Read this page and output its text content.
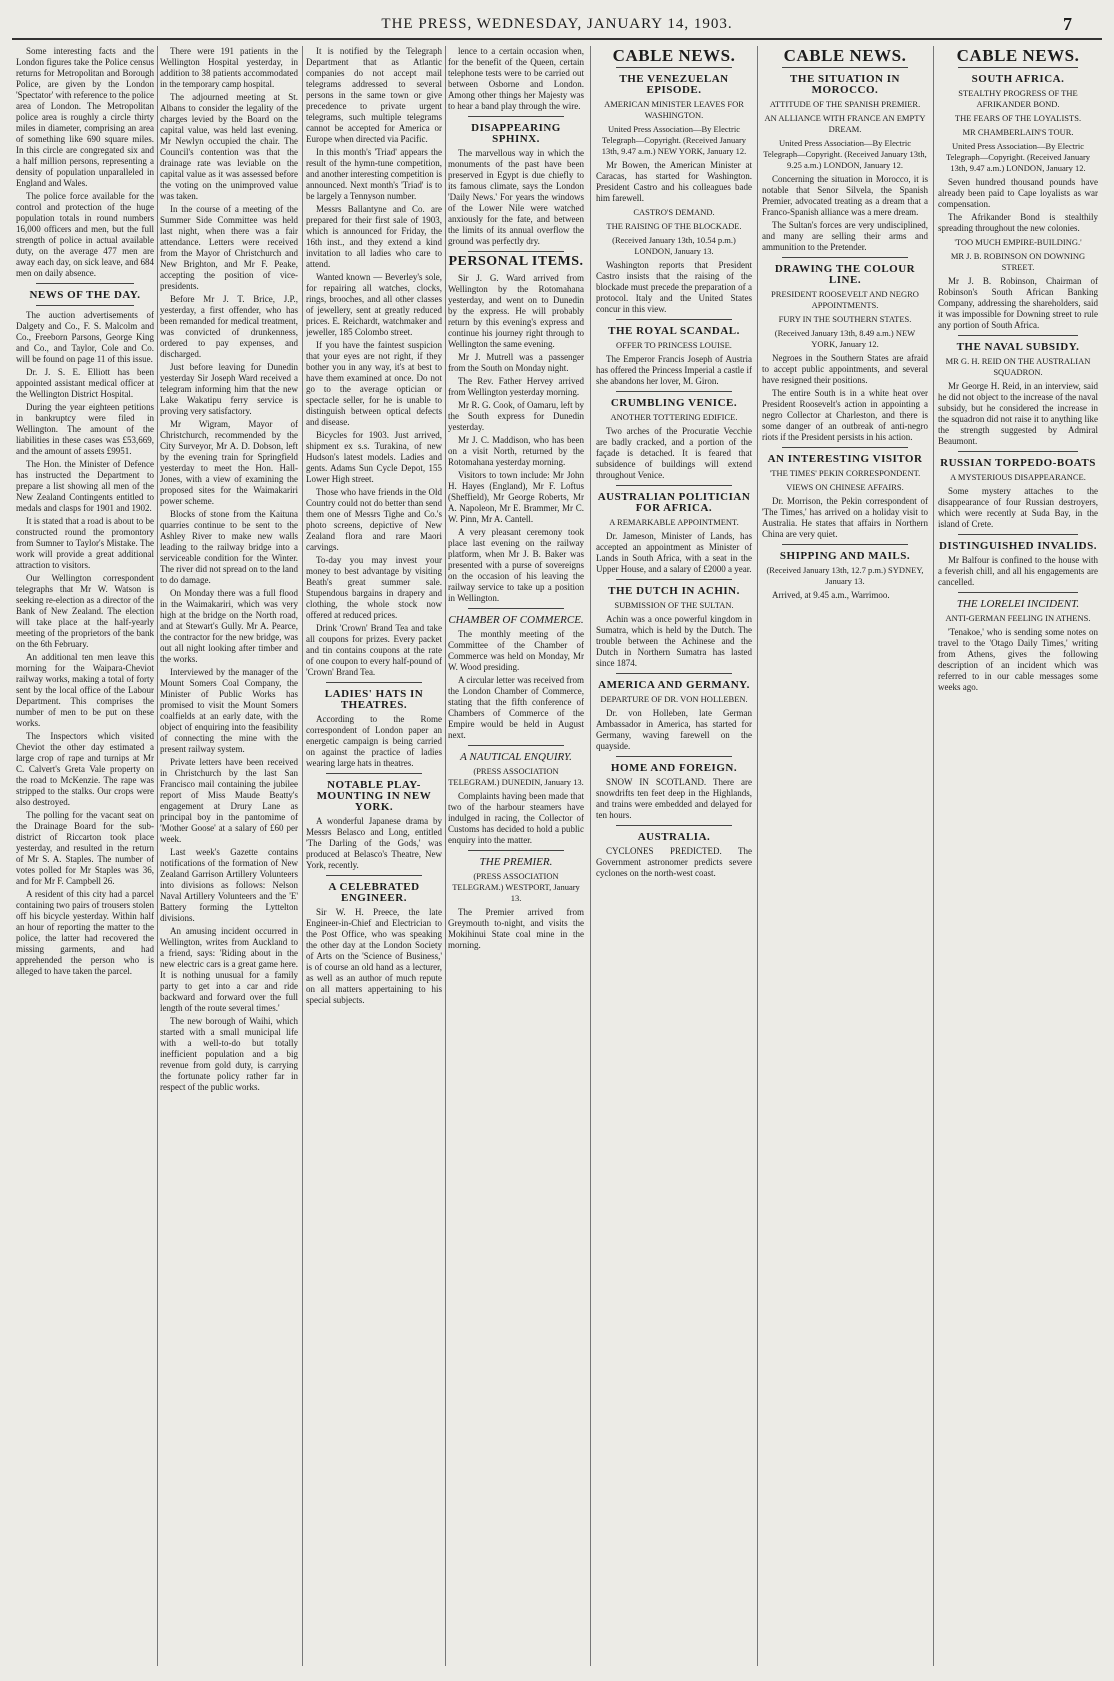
THE PRESS, WEDNESDAY, JANUARY 14, 1903.	7

Some interesting facts and the London figures take the Police census returns for Metropolitan and Borough Police, are given by the London 'Spectator' with reference to the police area of London. The Metropolitan police area is roughly a circle thirty miles in diameter, comprising an area of something like 690 square miles. In this circle are congregated six and a half million persons, representing a density of population unparalleled in England and Wales.

The police force available for the control and protection of the huge population totals in round numbers 16,000 officers and men, but the full strength of police in actual available duty, on the average 477 men are away each day, on sick leave, and 684 men on daily absence.

NEWS OF THE DAY.

The auction advertisements of Dalgety and Co., F. S. Malcolm and Co., Freeborn Parsons, George King and Co., and Taylor, Cole and Co. will be found on page 11 of this issue.

Dr. J. S. E. Elliott has been appointed assistant medical officer at the Wellington District Hospital.

During the year eighteen petitions in bankruptcy were filed in Wellington. The amount of the liabilities in these cases was £53,669, and the amount of assets £9951.

The Hon. the Minister of Defence has instructed the Department to prepare a list showing all men of the New Zealand Contingents entitled to medals and clasps for 1901 and 1902.

It is stated that a road is about to be constructed round the promontory from Sumner to Taylor's Mistake. The work will provide a great additional attraction to visitors.

Our Wellington correspondent telegraphs that Mr W. Watson is seeking re-election as a director of the Bank of New Zealand. The election will take place at the half-yearly meeting of the proprietors of the bank on the 6th February.

An additional ten men leave this morning for the Waipara-Cheviot railway works, making a total of forty sent by the local office of the Labour Department. This comprises the number of men to be put on these works.

The Inspectors which visited Cheviot the other day estimated a large crop of rape and turnips at Mr C. Calvert's Greta Vale property on the road to McKenzie. The rape was stripped to the stalks. Our crops were also destroyed.

The polling for the vacant seat on the Drainage Board for the sub-district of Riccarton took place yesterday, and resulted in the return of Mr S. A. Staples. The number of votes polled for Mr Staples was 36, and for Mr F. Campbell 26.

A resident of this city had a parcel containing two pairs of trousers stolen off his bicycle yesterday. Within half an hour of reporting the matter to the police, the latter had recovered the missing garments, and had apprehended the person who is alleged to have taken the parcel.

There were 191 patients in the Wellington Hospital yesterday, in addition to 38 patients accommodated in the temporary camp hospital.

The adjourned meeting at St. Albans to consider the legality of the charges levied by the Board on the capital value, was held last evening. Mr Newlyn occupied the chair. The Council's contention was that the drainage rate was leviable on the capital value as it was assessed before the voting on the unimproved value was taken.

In the course of a meeting of the Summer Side Committee was held last night, when there was a fair attendance. Letters were received from the Mayor of Christchurch and New Brighton, and Mr F. Peake, accepting the position of vice-presidents.

Before Mr J. T. Brice, J.P., yesterday, a first offender, who has been remanded for medical treatment, was convicted of drunkenness, ordered to pay expenses, and discharged.

Just before leaving for Dunedin yesterday Sir Joseph Ward received a telegram informing him that the new Lake Wakatipu ferry service is proving very satisfactory.

Mr Wigram, Mayor of Christchurch, recommended by the City Surveyor, Mr A. D. Dobson, left by the evening train for Springfield yesterday to meet the Hon. Hall-Jones, with a view of examining the proposed sites for the Waimakariri power scheme.

Blocks of stone from the Kaituna quarries continue to be sent to the Ashley River to make new walls leading to the railway bridge into a serviceable condition for the Winter. The river did not spread on to the land to do damage.

On Monday there was a full flood in the Waimakariri, which was very high at the bridge on the North road, and at Stewart's Gully. Mr A. Pearce, the contractor for the new bridge, was out all night looking after timber and the works.

Interviewed by the manager of the Mount Somers Coal Company, the Minister of Public Works has promised to visit the Mount Somers coalfields at an early date, with the object of enquiring into the feasibility of connecting the mine with the present railway system.

Private letters have been received in Christchurch by the last San Francisco mail containing the jubilee report of Miss Maude Beatty's engagement at Drury Lane as principal boy in the pantomime of 'Mother Goose' at a salary of £60 per week.

Last week's Gazette contains notifications of the formation of New Zealand Garrison Artillery Volunteers into divisions as follows: Nelson Naval Artillery Volunteers and the 'E' Battery forming the Lyttelton divisions.

An amusing incident occurred in Wellington, writes from Auckland to a friend, says: 'Riding about in the new electric cars is a great game here. It is nothing unusual for a family party to get into a car and ride backward and forward over the full length of the route several times.'

The new borough of Waihi, which started with a small municipal life with a well-to-do but totally inefficient population and a big revenue from gold duty, is carrying the fortunate policy rather far in respect of the public works.

It is notified by the Telegraph Department that as Atlantic companies do not accept mail telegrams addressed to several persons in the same town or give precedence to private urgent telegrams, such multiple telegrams cannot be accepted for America or Europe when directed via Pacific.

In this month's 'Triad' appears the result of the hymn-tune competition, and another interesting competition is announced. Next month's 'Triad' is to be largely a Tennyson number.

Messrs Ballantyne and Co. are prepared for their first sale of 1903, which is announced for Friday, the 16th inst., and they extend a kind invitation to all ladies who care to attend.

Wanted known — Beverley's sole, for repairing all watches, clocks, rings, brooches, and all other classes of jewellery, sent at greatly reduced prices. E. Reichardt, watchmaker and jeweller, 185 Colombo street.

If you have the faintest suspicion that your eyes are not right, if they bother you in any way, it's at best to have them examined at once. Do not go to the average optician or spectacle seller, for he is unable to distinguish between optical defects and disease.

Bicycles for 1903. Just arrived, shipment ex s.s. Turakina, of new Hudson's latest models. Ladies and gents. Adams Sun Cycle Depot, 155 Lower High street.

Those who have friends in the Old Country could not do better than send them one of Messrs Tighe and Co.'s photo screens, depictive of New Zealand flora and rare Maori carvings.

To-day you may invest your money to best advantage by visiting Beath's great summer sale. Stupendous bargains in drapery and clothing, the whole stock now offered at reduced prices.

Drink 'Crown' Brand Tea and take all coupons for prizes. Every packet and tin contains coupons at the rate of one coupon to every half-pound of 'Crown' Brand Tea.

LADIES' HATS IN THEATRES.

According to the Rome correspondent of London paper an energetic campaign is being carried on against the practice of ladies wearing large hats in theatres.

NOTABLE PLAY-MOUNTING IN NEW YORK.

A wonderful Japanese drama by Messrs Belasco and Long, entitled 'The Darling of the Gods,' was produced at Belasco's Theatre, New York, recently.

A CELEBRATED ENGINEER.

Sir W. H. Preece, the late Engineer-in-Chief and Electrician to the Post Office, who was speaking the other day at the London Society of Arts on the 'Science of Business,' is of course an old hand as a lecturer, as well as an author of much repute on all matters appertaining to his special subjects.

lence to a certain occasion when, for the benefit of the Queen, certain telephone tests were to be carried out between Osborne and London. Among other things her Majesty was to hear a band play through the wire.

DISAPPEARING SPHINX.

The marvellous way in which the monuments of the past have been preserved in Egypt is due chiefly to its famous climate, says the London 'Daily News.' For years the windows of the Lower Nile were watched anxiously for the fate, and between the limits of its annual overflow the ground was perfectly dry.

PERSONAL ITEMS.

Sir J. G. Ward arrived from Wellington by the Rotomahana yesterday, and went on to Dunedin by the express. He will probably return by this evening's express and continue his journey right through to Wellington the same evening.

Mr J. Mutrell was a passenger from the South on Monday night.

The Rev. Father Hervey arrived from Wellington yesterday morning.

Mr R. G. Cook, of Oamaru, left by the South express for Dunedin yesterday.

Mr J. C. Maddison, who has been on a visit North, returned by the Rotomahana yesterday morning.

Visitors to town include: Mr John H. Hayes (England), Mr F. Loftus (Sheffield), Mr George Roberts, Mr A. Napoleon, Mr E. Brammer, Mr C. W. Pinn, Mr A. Cantell.

A very pleasant ceremony took place last evening on the railway platform, when Mr J. B. Baker was presented with a purse of sovereigns on the occasion of his leaving the railway service to take up a position in Wellington.

CHAMBER OF COMMERCE.

The monthly meeting of the Committee of the Chamber of Commerce was held on Monday, Mr W. Wood presiding.

A circular letter was received from the London Chamber of Commerce, stating that the fifth conference of Chambers of Commerce of the Empire would be held in August next.

A NAUTICAL ENQUIRY.
(PRESS ASSOCIATION TELEGRAM.) DUNEDIN, January 13.

Complaints having been made that two of the harbour steamers have indulged in racing, the Collector of Customs has decided to hold a public enquiry into the matter.

THE PREMIER.
(PRESS ASSOCIATION TELEGRAM.) WESTPORT, January 13.

The Premier arrived from Greymouth to-night, and visits the Mokihinui State coal mine in the morning.

CABLE NEWS.
THE VENEZUELAN EPISODE.
AMERICAN MINISTER LEAVES FOR WASHINGTON.
United Press Association—By Electric Telegraph—Copyright. (Received January 13th, 9.47 a.m.) NEW YORK, January 12.

Mr Bowen, the American Minister at Caracas, has started for Washington. President Castro and his colleagues bade him farewell.

CASTRO'S DEMAND.
THE RAISING OF THE BLOCKADE.
(Received January 13th, 10.54 p.m.) LONDON, January 13.

Washington reports that President Castro insists that the raising of the blockade must precede the preparation of a protocol. Italy and the United States concur in this view.

THE ROYAL SCANDAL.
OFFER TO PRINCESS LOUISE.

The Emperor Francis Joseph of Austria has offered the Princess Imperial a castle if she abandons her lover, M. Giron.

CRUMBLING VENICE.
ANOTHER TOTTERING EDIFICE.

Two arches of the Procuratie Vecchie are badly cracked, and a portion of the façade is detached. It is feared that subsidence of buildings will extend throughout Venice.

AUSTRALIAN POLITICIAN FOR AFRICA.
A REMARKABLE APPOINTMENT.

Dr. Jameson, Minister of Lands, has accepted an appointment as Minister of Lands in South Africa, with a seat in the Upper House, and a salary of £2000 a year.

THE DUTCH IN ACHIN.
SUBMISSION OF THE SULTAN.

Achin was a once powerful kingdom in Sumatra, which is held by the Dutch. The trouble between the Achinese and the Dutch in Northern Sumatra has lasted since 1874.

AMERICA AND GERMANY.
DEPARTURE OF DR. VON HOLLEBEN.

Dr. von Holleben, late German Ambassador in America, has started for Germany, waving farewell on the quayside.

HOME AND FOREIGN.

SNOW IN SCOTLAND. There are snowdrifts ten feet deep in the Highlands, and trains were embedded and delayed for ten hours.

AUSTRALIA.

CYCLONES PREDICTED. The Government astronomer predicts severe cyclones on the north-west coast.

CABLE NEWS.
THE SITUATION IN MOROCCO.
ATTITUDE OF THE SPANISH PREMIER.
AN ALLIANCE WITH FRANCE AN EMPTY DREAM.
United Press Association—By Electric Telegraph—Copyright. (Received January 13th, 9.25 a.m.) LONDON, January 12.

Concerning the situation in Morocco, it is notable that Senor Silvela, the Spanish Premier, advocated treating as a dream that a Franco-Spanish alliance was a mere dream.

The Sultan's forces are very undisciplined, and many are selling their arms and ammunition to the Pretender.

DRAWING THE COLOUR LINE.
PRESIDENT ROOSEVELT AND NEGRO APPOINTMENTS.
FURY IN THE SOUTHERN STATES.
(Received January 13th, 8.49 a.m.) NEW YORK, January 12.

Negroes in the Southern States are afraid to accept public appointments, and several have resigned their positions.

The entire South is in a white heat over President Roosevelt's action in appointing a negro Collector at Charleston, and there is some danger of an outbreak of anti-negro riots if the President persists in his action.

AN INTERESTING VISITOR
'THE TIMES' PEKIN CORRESPONDENT.
VIEWS ON CHINESE AFFAIRS.

Dr. Morrison, the Pekin correspondent of 'The Times,' has arrived on a holiday visit to Australia. He states that affairs in Northern China are very quiet.

SHIPPING AND MAILS.
(Received January 13th, 12.7 p.m.) SYDNEY, January 13.

Arrived, at 9.45 a.m., Warrimoo.

CABLE NEWS.
SOUTH AFRICA.
STEALTHY PROGRESS OF THE AFRIKANDER BOND.
THE FEARS OF THE LOYALISTS.
MR CHAMBERLAIN'S TOUR.
United Press Association—By Electric Telegraph—Copyright. (Received January 13th, 9.47 a.m.) LONDON, January 12.

Seven hundred thousand pounds have already been paid to Cape loyalists as war compensation.

The Afrikander Bond is stealthily spreading throughout the new colonies.

'TOO MUCH EMPIRE-BUILDING.'
MR J. B. ROBINSON ON DOWNING STREET.

Mr J. B. Robinson, Chairman of Robinson's South African Banking Company, addressing the shareholders, said it was impossible for Downing street to rule any portion of South Africa.

THE NAVAL SUBSIDY.
MR G. H. REID ON THE AUSTRALIAN SQUADRON.

Mr George H. Reid, in an interview, said he did not object to the increase of the naval subsidy, but he considered the increase in the squadron did not raise it to anything like the strength suggested by Admiral Beaumont.

RUSSIAN TORPEDO-BOATS
A MYSTERIOUS DISAPPEARANCE.

Some mystery attaches to the disappearance of four Russian destroyers, which were recently at Suda Bay, in the island of Crete.

DISTINGUISHED INVALIDS.

Mr Balfour is confined to the house with a feverish chill, and all his engagements are cancelled.

THE LORELEI INCIDENT.
ANTI-GERMAN FEELING IN ATHENS.

'Tenakoe,' who is sending some notes on travel to the 'Otago Daily Times,' writing from Athens, gives the following description of an incident which was referred to in our cable messages some weeks ago.
